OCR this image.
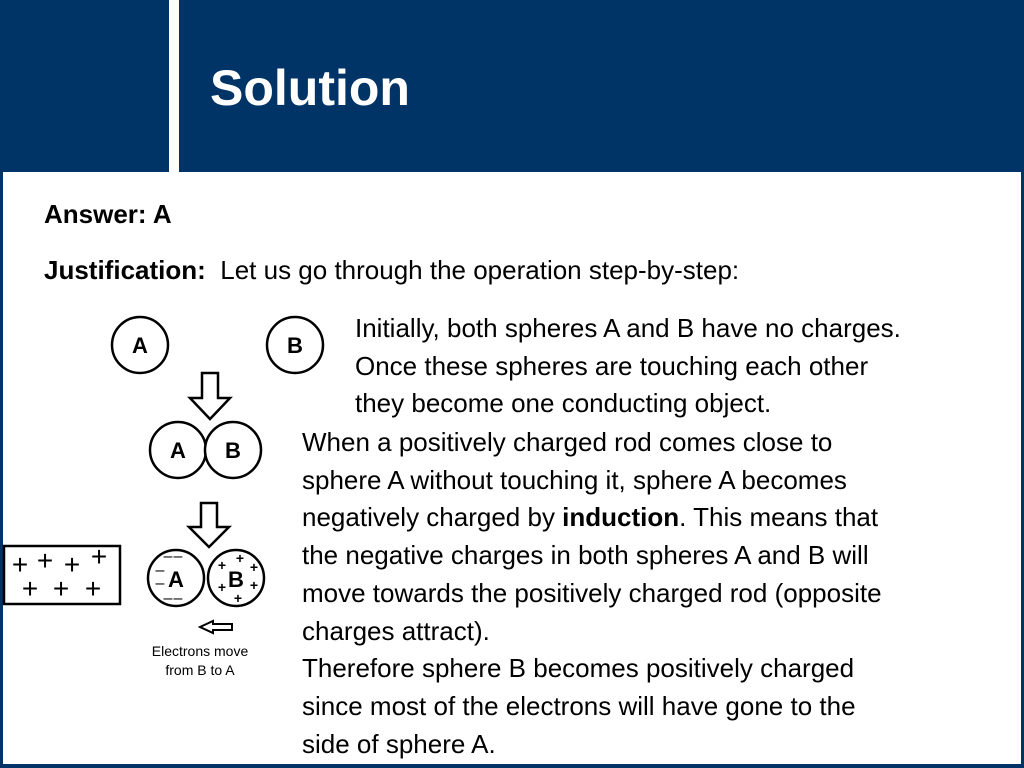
Solution

Answer: A

Justification: Let us go through the operation step-by-step:

Initially, both spheres A and B have no charges.
Once these spheres are touching each other
they become one conducting object.

When a positively charged rod comes close to
sphere A without touching it, sphere A becomes
negatively charged by induction. This means that
the negative charges in both spheres A and B will
move towards the positively charged rod (opposite
charges attract).
Therefore sphere B becomes positively charged
since most of the electrons will have gone to the
side of sphere A.

A	B
A B
+ + + +
+ + +	A B
– –
–
–
– –
+
+ +
+ +
+

Electrons move

from B to A
